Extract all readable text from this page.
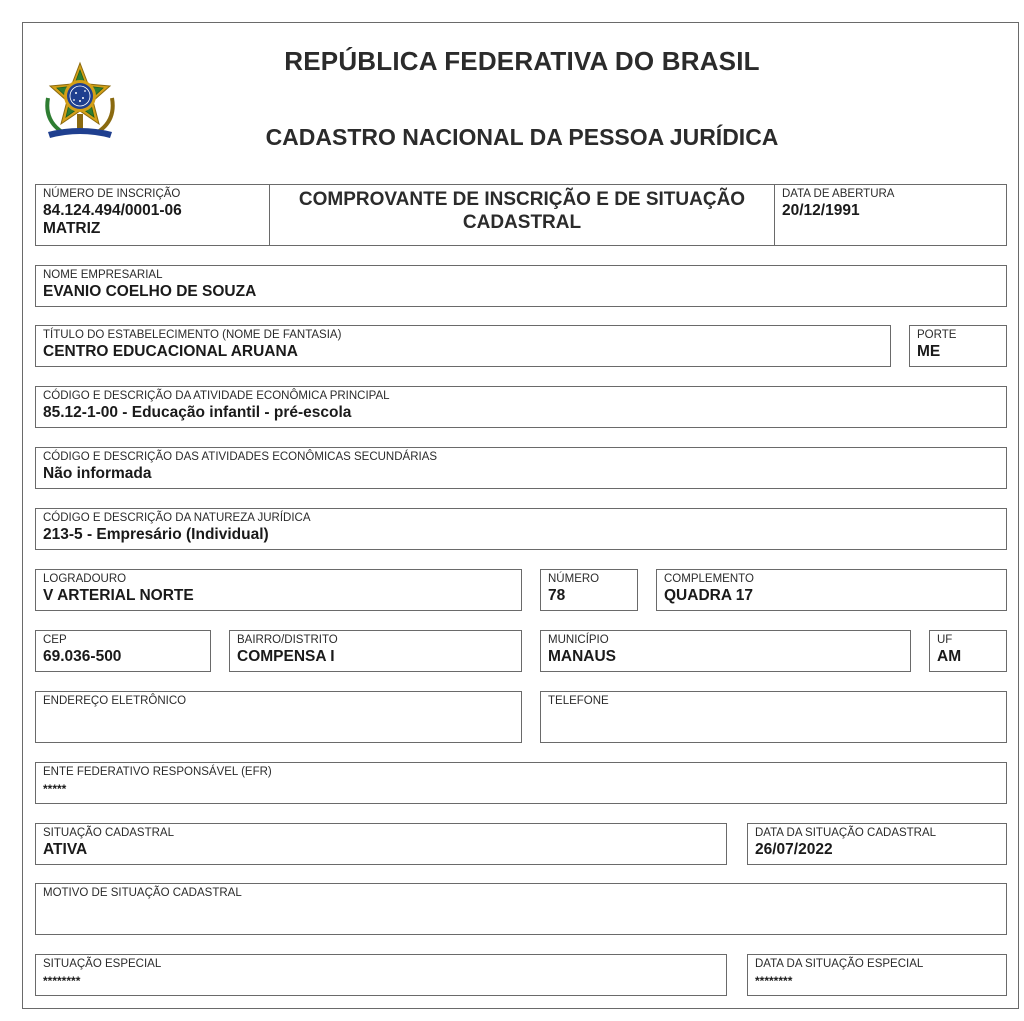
REPÚBLICA FEDERATIVA DO BRASIL
CADASTRO NACIONAL DA PESSOA JURÍDICA
NÚMERO DE INSCRIÇÃO
84.124.494/0001-06
MATRIZ
COMPROVANTE DE INSCRIÇÃO E DE SITUAÇÃO
CADASTRAL
DATA DE ABERTURA
20/12/1991
NOME EMPRESARIAL
EVANIO COELHO DE SOUZA
TÍTULO DO ESTABELECIMENTO (NOME DE FANTASIA)
CENTRO EDUCACIONAL ARUANA
PORTE
ME
CÓDIGO E DESCRIÇÃO DA ATIVIDADE ECONÔMICA PRINCIPAL
85.12-1-00 - Educação infantil - pré-escola
CÓDIGO E DESCRIÇÃO DAS ATIVIDADES ECONÔMICAS SECUNDÁRIAS
Não informada
CÓDIGO E DESCRIÇÃO DA NATUREZA JURÍDICA
213-5 - Empresário (Individual)
LOGRADOURO
V ARTERIAL NORTE
NÚMERO
78
COMPLEMENTO
QUADRA 17
CEP
69.036-500
BAIRRO/DISTRITO
COMPENSA I
MUNICÍPIO
MANAUS
UF
AM
ENDEREÇO ELETRÔNICO	TELEFONE
ENTE FEDERATIVO RESPONSÁVEL (EFR)
*****
SITUAÇÃO CADASTRAL
ATIVA
DATA DA SITUAÇÃO CADASTRAL
26/07/2022
MOTIVO DE SITUAÇÃO CADASTRAL
SITUAÇÃO ESPECIAL
********
DATA DA SITUAÇÃO ESPECIAL
********
